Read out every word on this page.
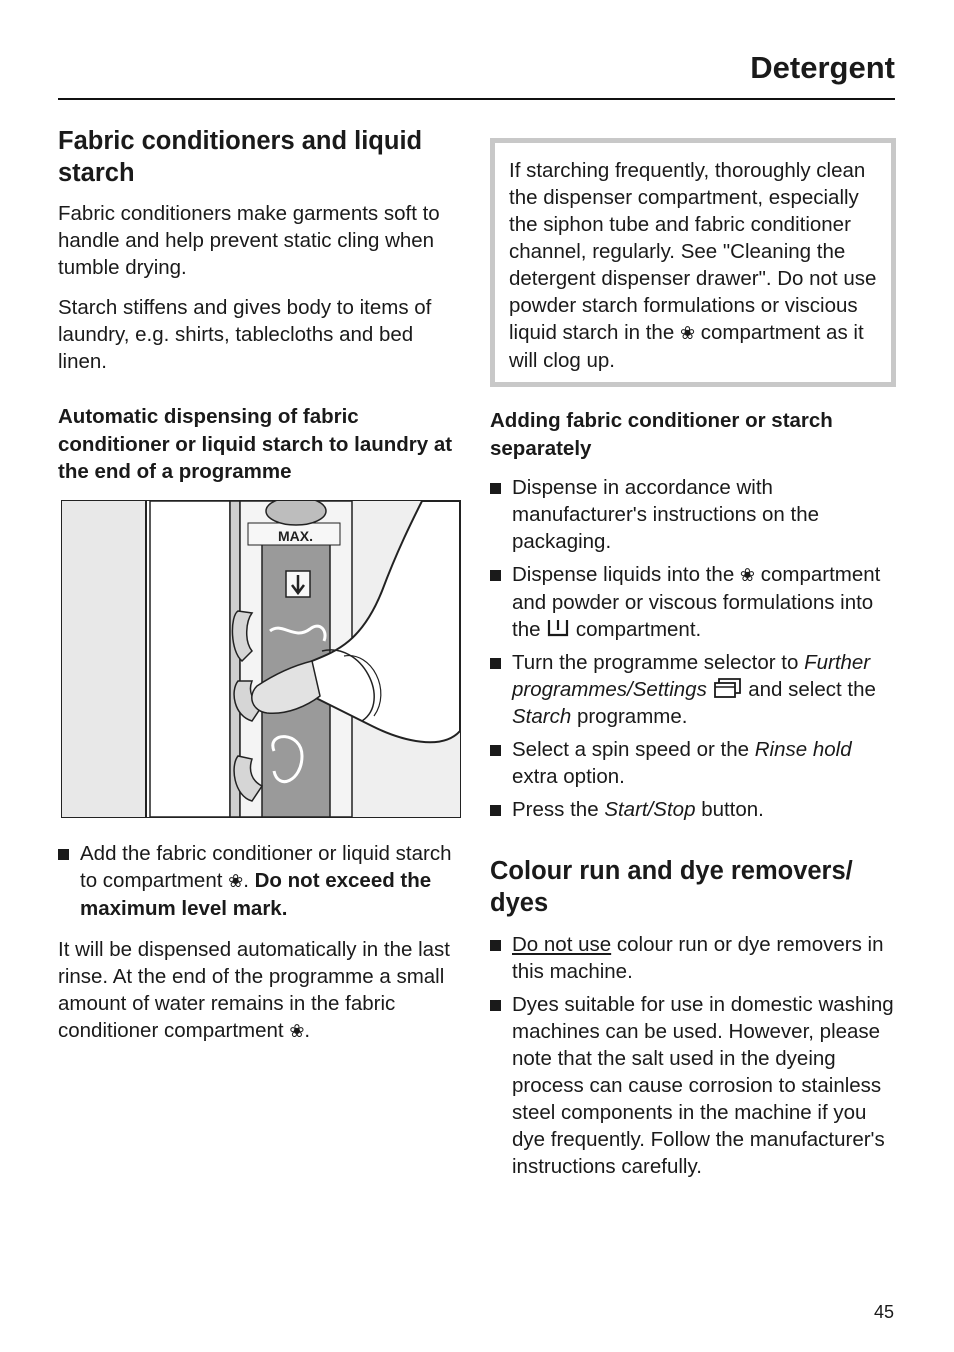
Detergent
Fabric conditioners and liquid starch

Fabric conditioners make garments soft to handle and help prevent static cling when tumble drying.

Starch stiffens and gives body to items of laundry, e.g. shirts, tablecloths and bed linen.

Automatic dispensing of fabric conditioner or liquid starch to laundry at the end of a programme
MAX.
Add the fabric conditioner or liquid starch to compartment ❀. Do not exceed the maximum level mark.

It will be dispensed automatically in the last rinse. At the end of the programme a small amount of water remains in the fabric conditioner compartment ❀.

If starching frequently, thoroughly clean the dispenser compartment, especially the siphon tube and fabric conditioner channel, regularly. See "Cleaning the detergent dispenser drawer". Do not use powder starch formulations or viscious liquid starch in the ❀ compartment as it will clog up.

Adding fabric conditioner or starch separately
Dispense in accordance with manufacturer's instructions on the packaging.
Dispense liquids into the ❀ compartment and powder or viscous formulations into the compartment.
Turn the programme selector to Further programmes/Settings and select the Starch programme.
Select a spin speed or the Rinse hold extra option.
Press the Start/Stop button.
Colour run and dye removers/ dyes
Do not use colour run or dye removers in this machine.
Dyes suitable for use in domestic washing machines can be used. However, please note that the salt used in the dyeing process can cause corrosion to stainless steel components in the machine if you dye frequently. Follow the manufacturer's instructions carefully.
45
